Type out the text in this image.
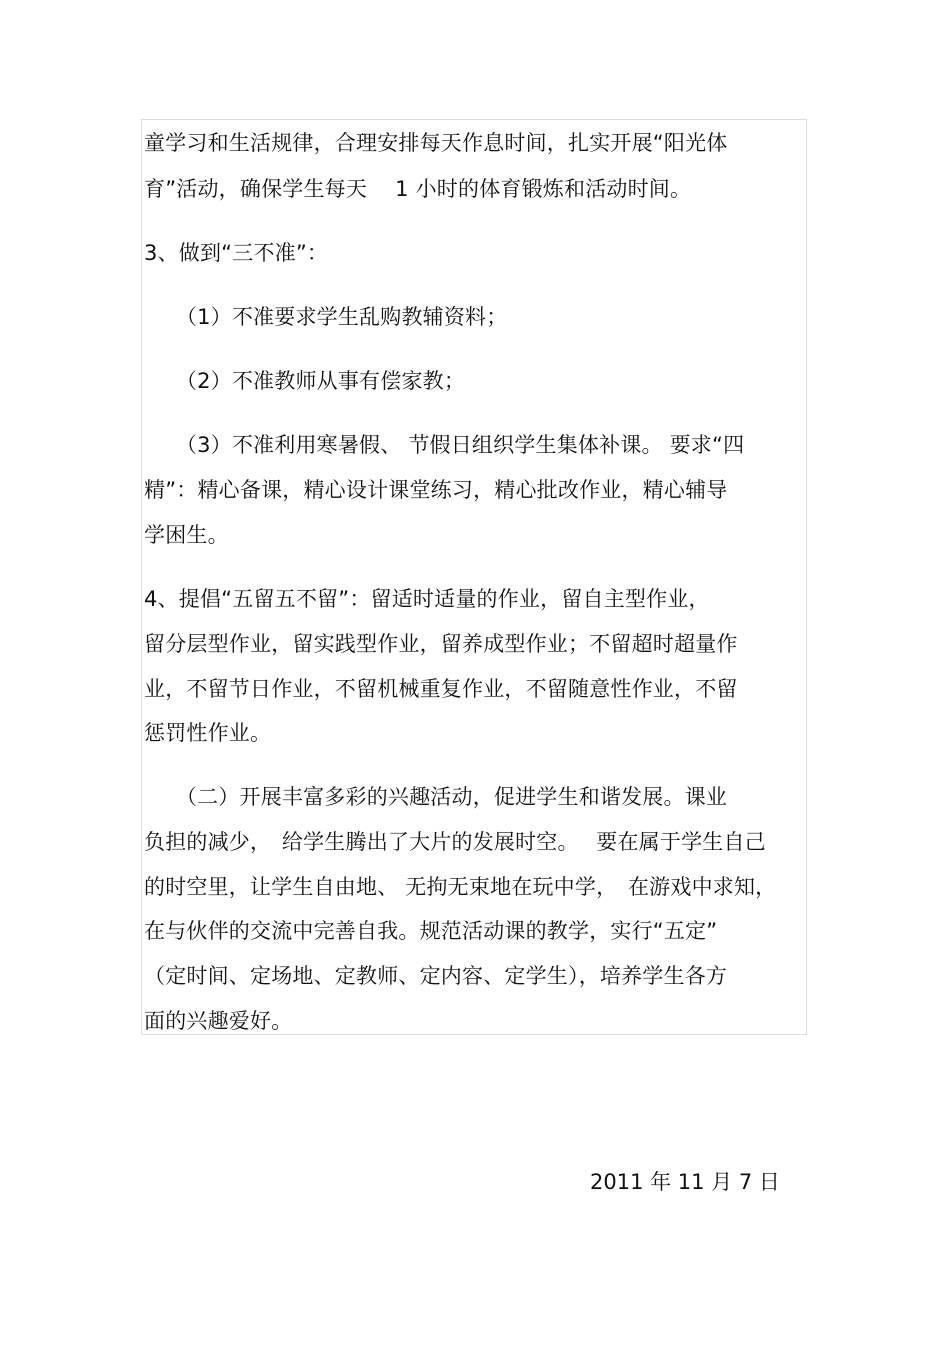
童学习和生活规律，合理安排每天作息时间，扎实开展“阳光体
育”活动，确保学生每天　 1 小时的体育锻炼和活动时间。
3、做到“三不准”：
　　（1）不准要求学生乱购教辅资料；
　　（2）不准教师从事有偿家教；
　　（3）不准利用寒暑假、 节假日组织学生集体补课。 要求“四
精”：精心备课，精心设计课堂练习，精心批改作业，精心辅导
学困生。
4、提倡“五留五不留”：留适时适量的作业，留自主型作业，
留分层型作业，留实践型作业，留养成型作业；不留超时超量作
业，不留节日作业，不留机械重复作业，不留随意性作业，不留
惩罚性作业。
　　（二）开展丰富多彩的兴趣活动，促进学生和谐发展。课业
负担的减少，　给学生腾出了大片的发展时空。　 要在属于学生自己
的时空里，让学生自由地、 无拘无束地在玩中学，　在游戏中求知，
在与伙伴的交流中完善自我。规范活动课的教学，实行“五定”
（定时间、定场地、定教师、定内容、定学生），培养学生各方
面的兴趣爱好。
2011 年 11 月 7 日
